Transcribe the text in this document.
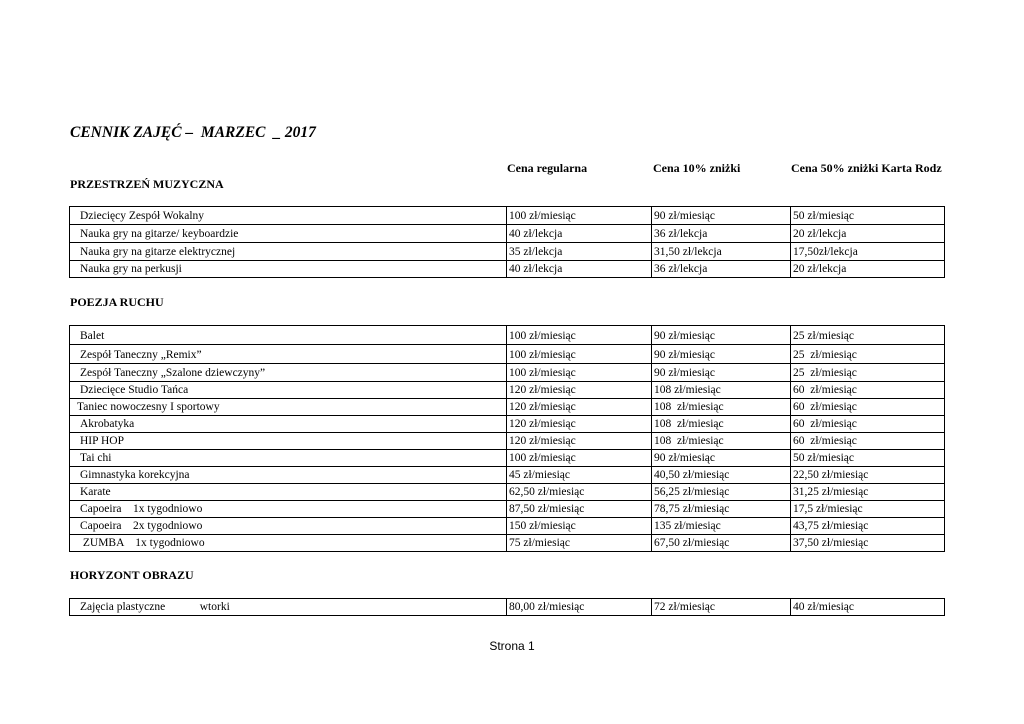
CENNIK ZAJĘĆ –  MARZEC  _ 2017
Cena regularna	Cena 10% zniżki	Cena 50% zniżki Karta Rodz
PRZESTRZEŃ MUZYCZNA
Dziecięcy Zespół Wokalny	100 zł/miesiąc	90 zł/miesiąc	50 zł/miesiąc
Nauka gry na gitarze/ keyboardzie	40 zł/lekcja	36 zł/lekcja	20 zł/lekcja
Nauka gry na gitarze elektrycznej	35 zł/lekcja	31,50 zł/lekcja	17,50zł/lekcja
Nauka gry na perkusji	40 zł/lekcja	36 zł/lekcja	20 zł/lekcja
POEZJA RUCHU
Balet	100 zł/miesiąc	90 zł/miesiąc	25 zł/miesiąc
Zespół Taneczny „Remix”	100 zł/miesiąc	90 zł/miesiąc	25  zł/miesiąc
Zespół Taneczny „Szalone dziewczyny”	100 zł/miesiąc	90 zł/miesiąc	25  zł/miesiąc
Dziecięce Studio Tańca	120 zł/miesiąc	108 zł/miesiąc	60  zł/miesiąc
Taniec nowoczesny I sportowy	120 zł/miesiąc	108  zł/miesiąc	60  zł/miesiąc
Akrobatyka	120 zł/miesiąc	108  zł/miesiąc	60  zł/miesiąc
HIP HOP	120 zł/miesiąc	108  zł/miesiąc	60  zł/miesiąc
Tai chi	100 zł/miesiąc	90 zł/miesiąc	50 zł/miesiąc
Gimnastyka korekcyjna	45 zł/miesiąc	40,50 zł/miesiąc	22,50 zł/miesiąc
Karate	62,50 zł/miesiąc	56,25 zł/miesiąc	31,25 zł/miesiąc
Capoeira    1x tygodniowo	87,50 zł/miesiąc	78,75 zł/miesiąc	17,5 zł/miesiąc
Capoeira    2x tygodniowo	150 zł/miesiąc	135 zł/miesiąc	43,75 zł/miesiąc
ZUMBA    1x tygodniowo	75 zł/miesiąc	67,50 zł/miesiąc	37,50 zł/miesiąc
HORYZONT OBRAZU
Zajęcia plastyczne            wtorki	80,00 zł/miesiąc	72 zł/miesiąc	40 zł/miesiąc
Strona 1
